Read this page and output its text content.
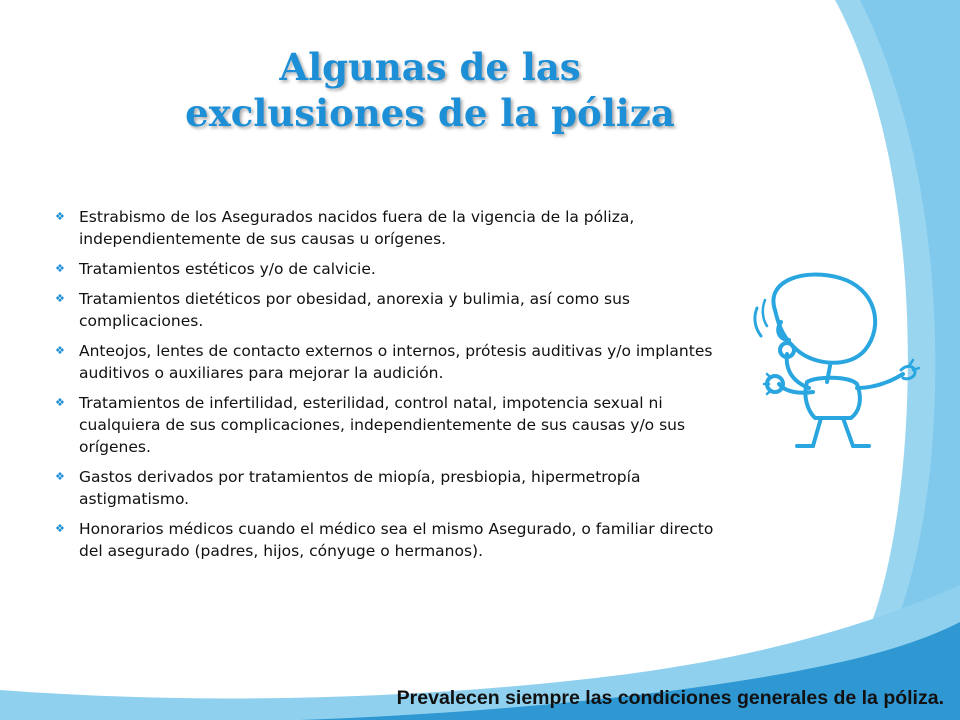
Algunas de las
exclusiones de la póliza
❖ Estrabismo de los Asegurados nacidos fuera de la vigencia de la póliza, independientemente de sus causas u orígenes.
❖ Tratamientos estéticos y/o de calvicie.
❖ Tratamientos dietéticos por obesidad, anorexia y bulimia, así como sus complicaciones.
❖ Anteojos, lentes de contacto externos o internos, prótesis auditivas y/o implantes auditivos o auxiliares para mejorar la audición.
❖ Tratamientos de infertilidad, esterilidad, control natal, impotencia sexual ni cualquiera de sus complicaciones, independientemente de sus causas y/o sus orígenes.
❖ Gastos derivados por tratamientos de miopía, presbiopia, hipermetropía astigmatismo.
❖ Honorarios médicos cuando el médico sea el mismo Asegurado, o familiar directo del asegurado (padres, hijos, cónyuge o hermanos).
Prevalecen siempre las condiciones generales de la póliza.
